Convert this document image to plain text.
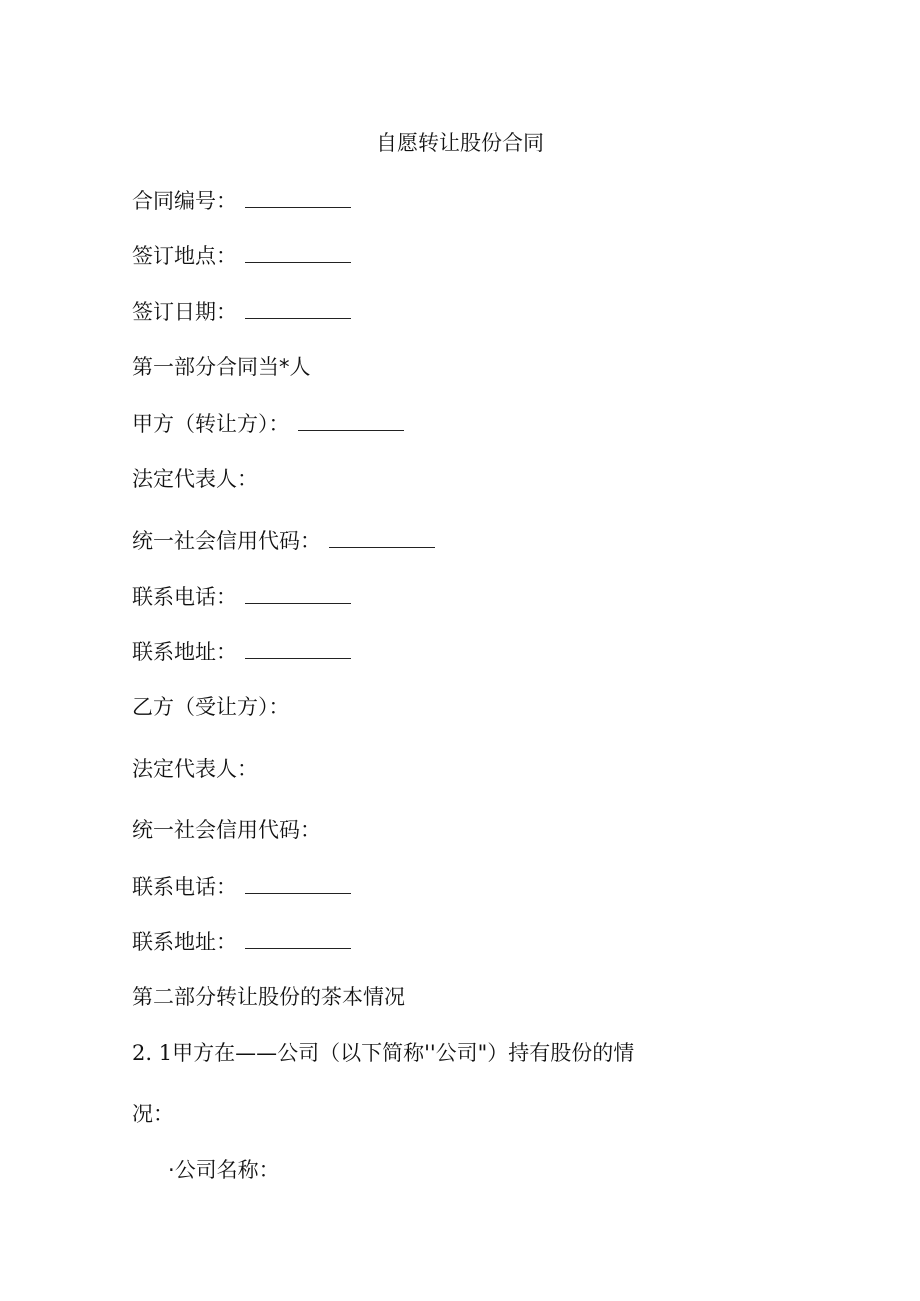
自愿转让股份合同
合同编号：
签订地点：
签订日期：
第一部分合同当*人
甲方（转让方）：
法定代表人：
统一社会信用代码：
联系电话：
联系地址：
乙方（受让方）：
法定代表人：
统一社会信用代码：
联系电话：
联系地址：
第二部分转让股份的茶本情况
2. 1甲方在——公司（以下简称''公司"）持有股份的情
况：
·公司名称：
